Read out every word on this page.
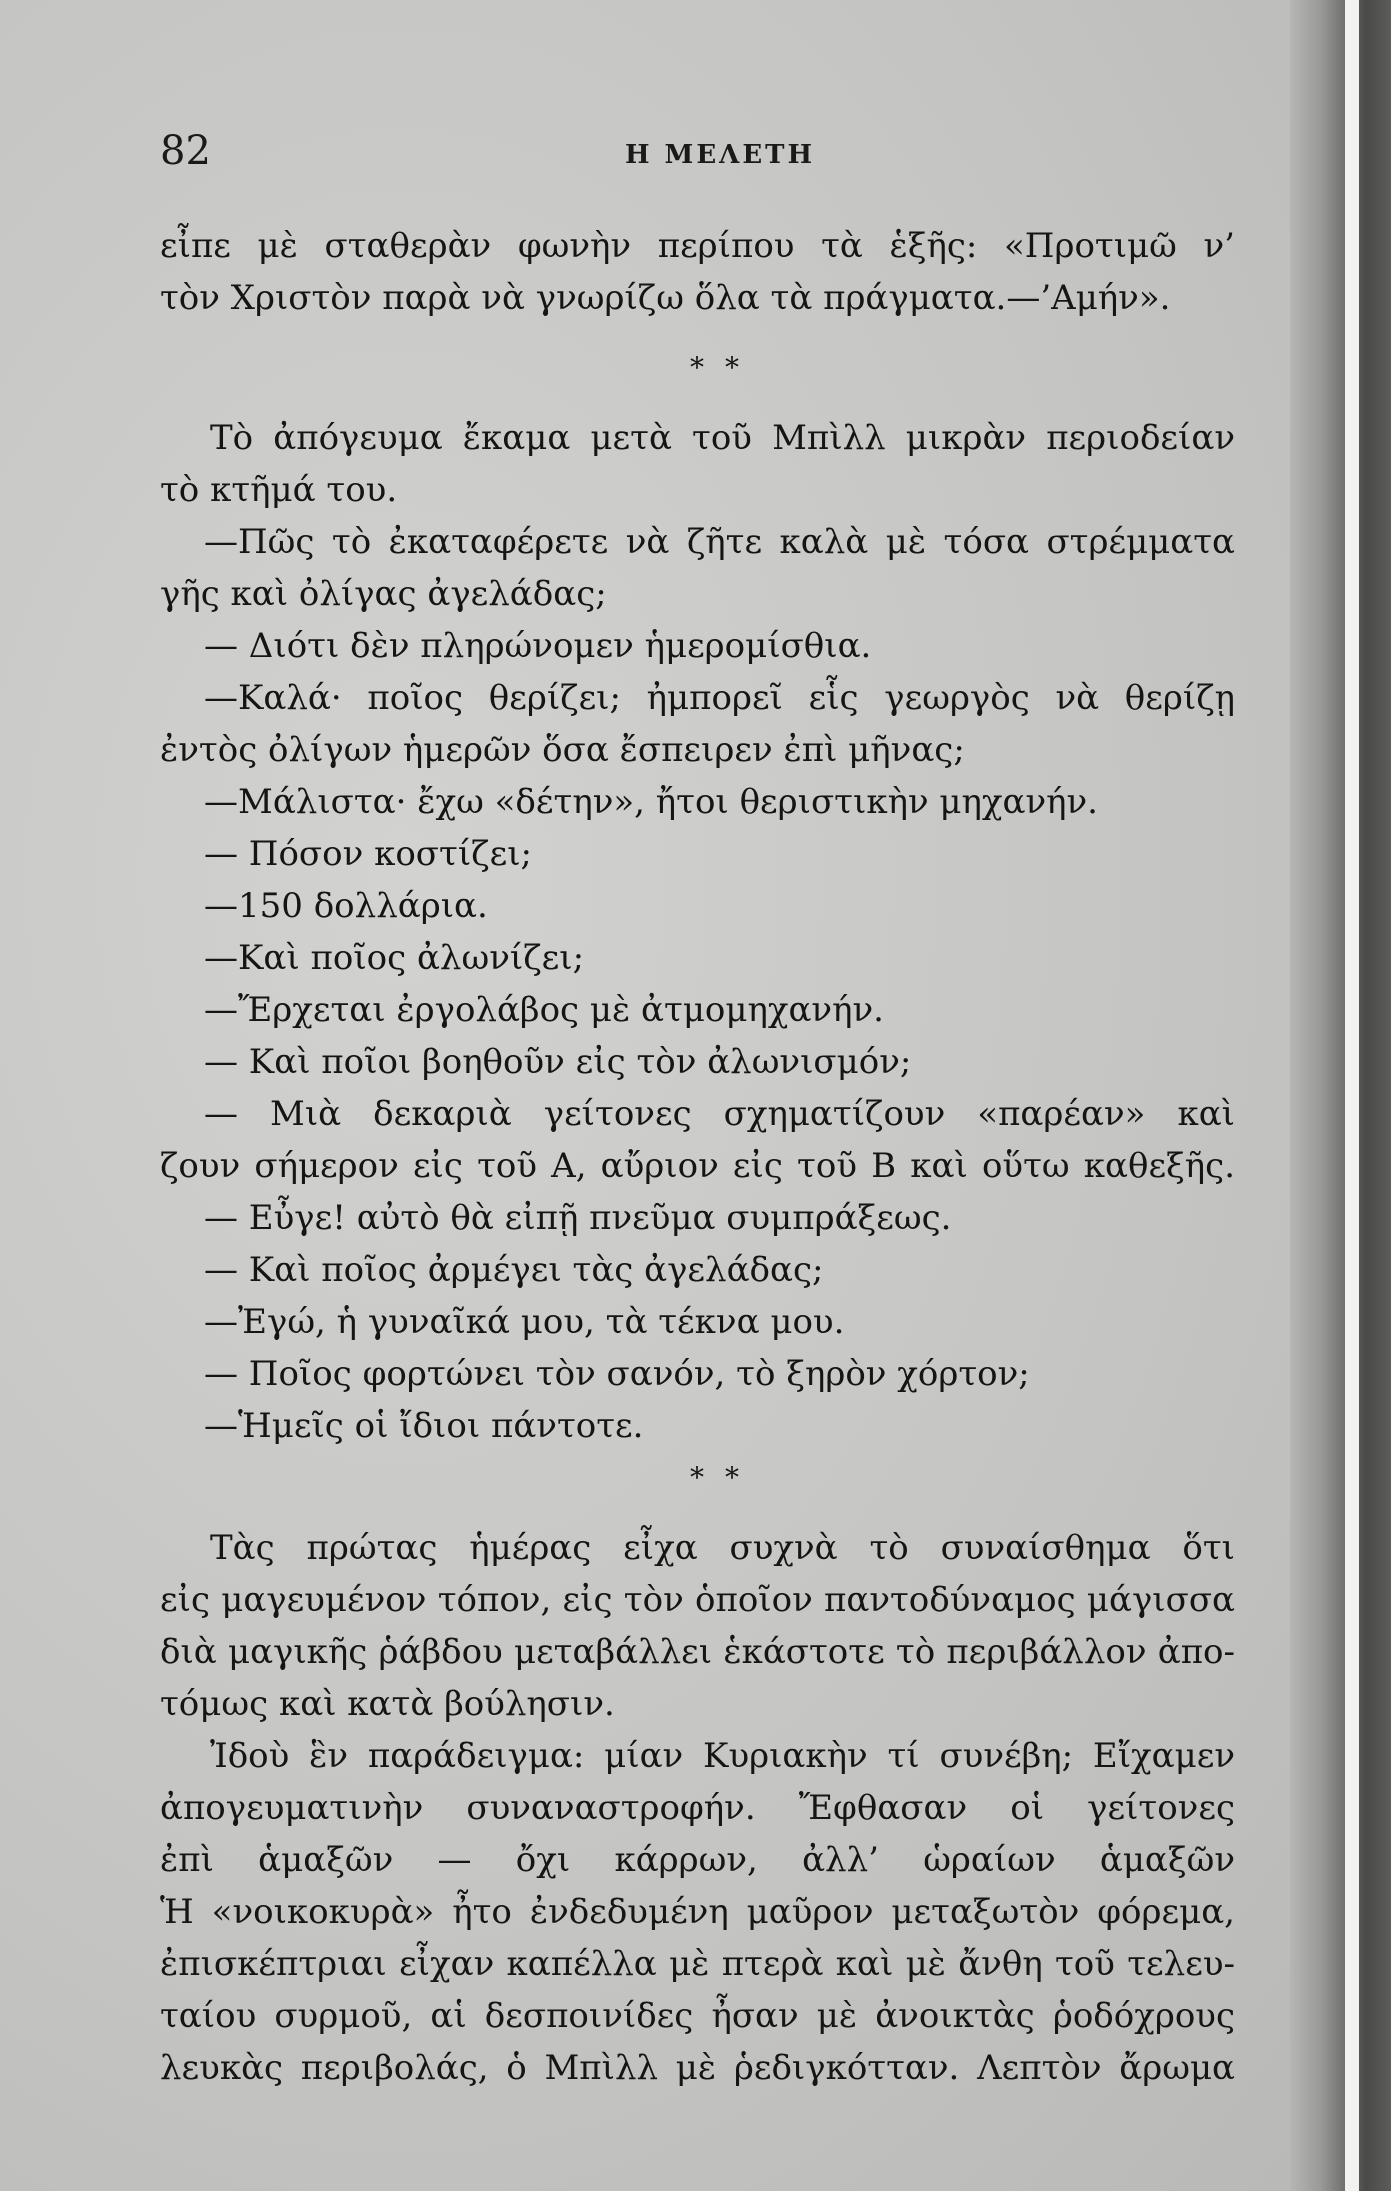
82	Η ΜΕΛΕΤΗ
εἶπε μὲ σταθερὰν φωνὴν περίπου τὰ ἑξῆς: «Προτιμῶ ν’
τὸν Χριστὸν παρὰ νὰ γνωρίζω ὅλα τὰ πράγματα.—’Αμήν».
* *
Τὸ ἀπόγευμα ἔκαμα μετὰ τοῦ Μπὶλλ μικρὰν περιοδείαν
τὸ κτῆμά του.
—Πῶς τὸ ἐκαταφέρετε νὰ ζῆτε καλὰ μὲ τόσα στρέμματα
γῆς καὶ ὀλίγας ἀγελάδας;
— Διότι δὲν πληρώνομεν ἡμερομίσθια.
—Καλά· ποῖος θερίζει; ἠμπορεῖ εἷς γεωργὸς νὰ θερίζῃ
ἐντὸς ὀλίγων ἡμερῶν ὅσα ἔσπειρεν ἐπὶ μῆνας;
—Μάλιστα· ἔχω «δέτην», ἤτοι θεριστικὴν μηχανήν.
— Πόσον κοστίζει;
—150 δολλάρια.
—Καὶ ποῖος ἀλωνίζει;
—Ἔρχεται ἐργολάβος μὲ ἀτμομηχανήν.
— Καὶ ποῖοι βοηθοῦν εἰς τὸν ἀλωνισμόν;
— Μιὰ δεκαριὰ γείτονες σχηματίζουν «παρέαν» καὶ
ζουν σήμερον εἰς τοῦ Α, αὔριον εἰς τοῦ Β καὶ οὕτω καθεξῆς.
— Εὖγε! αὐτὸ θὰ εἰπῇ πνεῦμα συμπράξεως.
— Καὶ ποῖος ἀρμέγει τὰς ἀγελάδας;
—Ἐγώ, ἡ γυναῖκά μου, τὰ τέκνα μου.
— Ποῖος φορτώνει τὸν σανόν, τὸ ξηρὸν χόρτον;
—Ἡμεῖς οἱ ἴδιοι πάντοτε.
* *
Τὰς πρώτας ἡμέρας εἶχα συχνὰ τὸ συναίσθημα ὅτι
εἰς μαγευμένον τόπον, εἰς τὸν ὁποῖον παντοδύναμος μάγισσα
διὰ μαγικῆς ῥάβδου μεταβάλλει ἑκάστοτε τὸ περιβάλλον ἀπο-
τόμως καὶ κατὰ βούλησιν.
Ἰδοὺ ἓν παράδειγμα: μίαν Κυριακὴν τί συνέβη; Εἴχαμεν
ἀπογευματινὴν συναναστροφήν. Ἔφθασαν οἱ γείτονες
ἐπὶ ἁμαξῶν — ὄχι κάρρων, ἀλλ’ ὡραίων ἁμαξῶν
Ἡ «νοικοκυρὰ» ἦτο ἐνδεδυμένη μαῦρον μεταξωτὸν φόρεμα,
ἐπισκέπτριαι εἶχαν καπέλλα μὲ πτερὰ καὶ μὲ ἄνθη τοῦ τελευ-
ταίου συρμοῦ, αἱ δεσποινίδες ἦσαν μὲ ἀνοικτὰς ῥοδόχρους
λευκὰς περιβολάς, ὁ Μπὶλλ μὲ ῥεδιγκότταν. Λεπτὸν ἄρωμα
